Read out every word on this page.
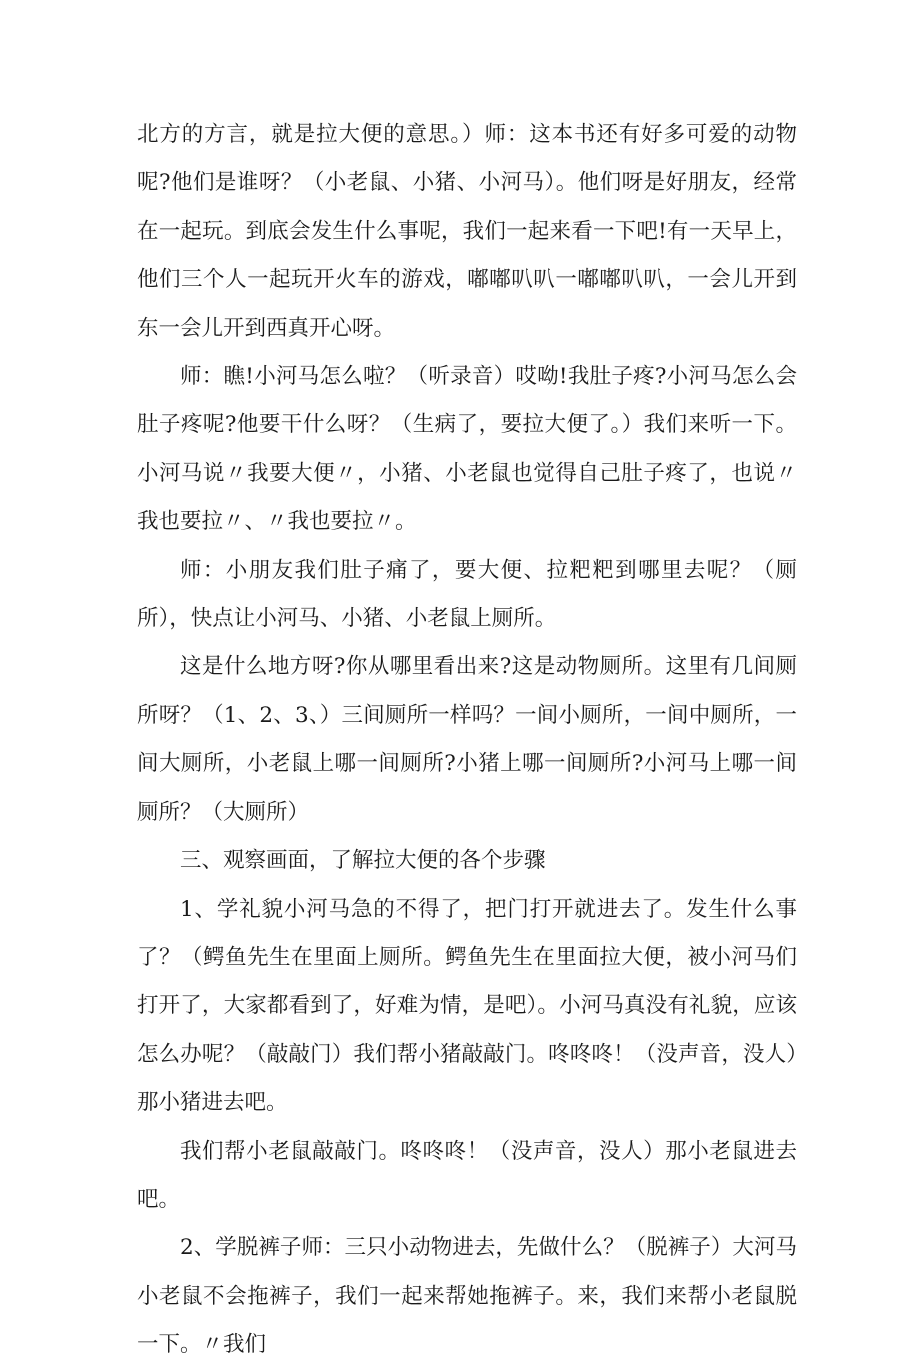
北方的方言，就是拉大便的意思。）师：这本书还有好多可爱的动物呢?他们是谁呀？（小老鼠、小猪、小河马）。他们呀是好朋友，经常在一起玩。到底会发生什么事呢，我们一起来看一下吧!有一天早上，他们三个人一起玩开火车的游戏，嘟嘟叭叭一嘟嘟叭叭，一会儿开到东一会儿开到西真开心呀。

师：瞧!小河马怎么啦？（听录音）哎呦!我肚子疼?小河马怎么会肚子疼呢?他要干什么呀？（生病了，要拉大便了。）我们来听一下。小河马说〃我要大便〃，小猪、小老鼠也觉得自己肚子疼了，也说〃我也要拉〃、〃我也要拉〃。

师：小朋友我们肚子痛了，要大便、拉粑粑到哪里去呢？（厕所），快点让小河马、小猪、小老鼠上厕所。

这是什么地方呀?你从哪里看出来?这是动物厕所。这里有几间厕所呀？（1、2、3、）三间厕所一样吗？一间小厕所，一间中厕所，一间大厕所，小老鼠上哪一间厕所?小猪上哪一间厕所?小河马上哪一间厕所？（大厕所）

三、观察画面，了解拉大便的各个步骤

1、学礼貌小河马急的不得了，把门打开就进去了。发生什么事了？（鳄鱼先生在里面上厕所。鳄鱼先生在里面拉大便，被小河马们打开了，大家都看到了，好难为情，是吧）。小河马真没有礼貌，应该怎么办呢？（敲敲门）我们帮小猪敲敲门。咚咚咚！（没声音，没人）那小猪进去吧。

我们帮小老鼠敲敲门。咚咚咚！（没声音，没人）那小老鼠进去吧。

2、学脱裤子师：三只小动物进去，先做什么？（脱裤子）大河马小老鼠不会拖裤子，我们一起来帮她拖裤子。来，我们来帮小老鼠脱一下。〃我们
